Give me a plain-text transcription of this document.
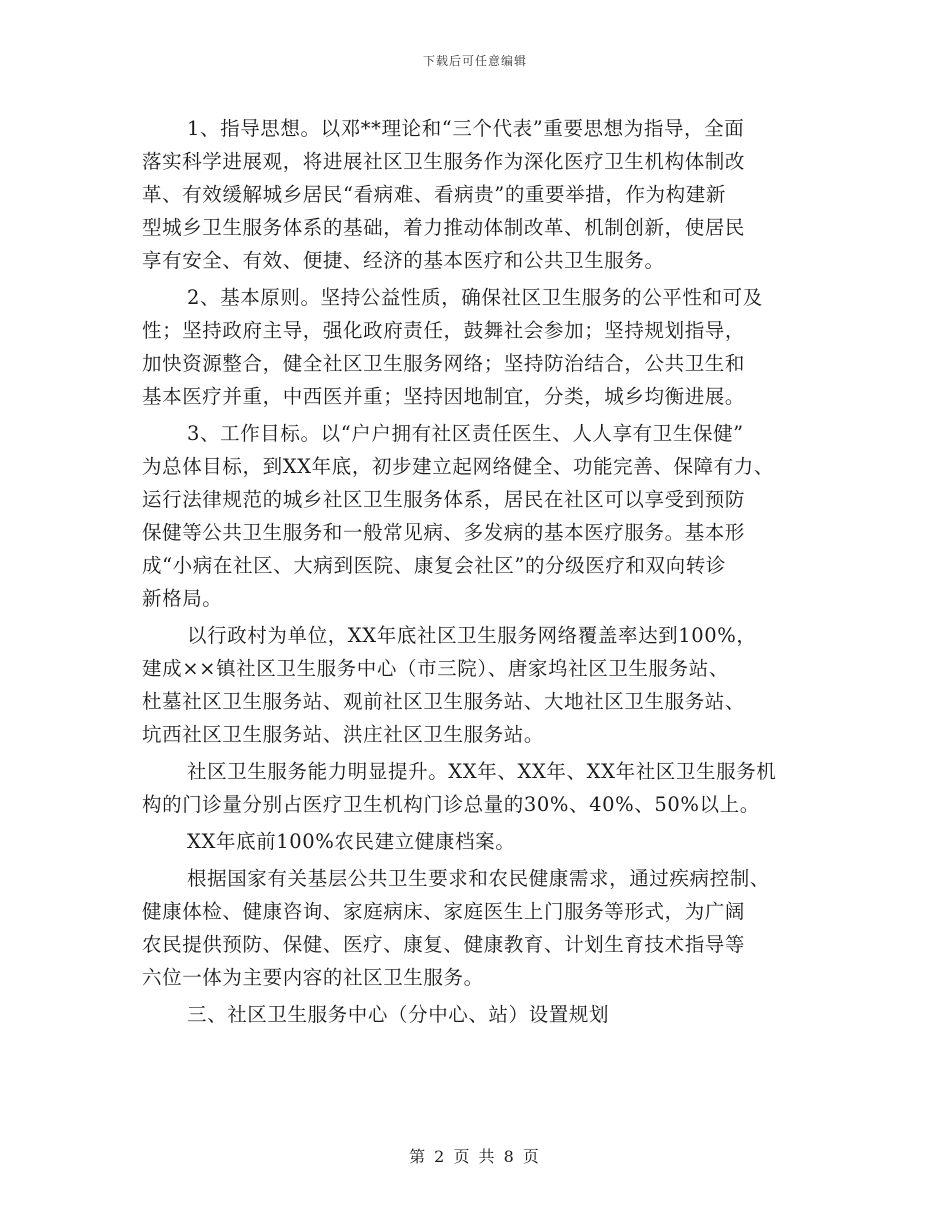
下载后可任意编辑
1、指导思想。以邓**理论和“三个代表”重要思想为指导，全面
落实科学进展观，将进展社区卫生服务作为深化医疗卫生机构体制改
革、有效缓解城乡居民“看病难、看病贵”的重要举措，作为构建新
型城乡卫生服务体系的基础，着力推动体制改革、机制创新，使居民
享有安全、有效、便捷、经济的基本医疗和公共卫生服务。
2、基本原则。坚持公益性质，确保社区卫生服务的公平性和可及
性；坚持政府主导，强化政府责任，鼓舞社会参加；坚持规划指导，
加快资源整合，健全社区卫生服务网络；坚持防治结合，公共卫生和
基本医疗并重，中西医并重；坚持因地制宜，分类，城乡均衡进展。
3、工作目标。以“户户拥有社区责任医生、人人享有卫生保健”
为总体目标，到XX年底，初步建立起网络健全、功能完善、保障有力、
运行法律规范的城乡社区卫生服务体系，居民在社区可以享受到预防
保健等公共卫生服务和一般常见病、多发病的基本医疗服务。基本形
成“小病在社区、大病到医院、康复会社区”的分级医疗和双向转诊
新格局。
以行政村为单位，XX年底社区卫生服务网络覆盖率达到100%，
建成××镇社区卫生服务中心（市三院）、唐家坞社区卫生服务站、
杜墓社区卫生服务站、观前社区卫生服务站、大地社区卫生服务站、
坑西社区卫生服务站、洪庄社区卫生服务站。
社区卫生服务能力明显提升。XX年、XX年、XX年社区卫生服务机
构的门诊量分别占医疗卫生机构门诊总量的30%、40%、50%以上。
XX年底前100%农民建立健康档案。
根据国家有关基层公共卫生要求和农民健康需求，通过疾病控制、
健康体检、健康咨询、家庭病床、家庭医生上门服务等形式，为广阔
农民提供预防、保健、医疗、康复、健康教育、计划生育技术指导等
六位一体为主要内容的社区卫生服务。
三、社区卫生服务中心（分中心、站）设置规划
第 2 页 共 8 页
